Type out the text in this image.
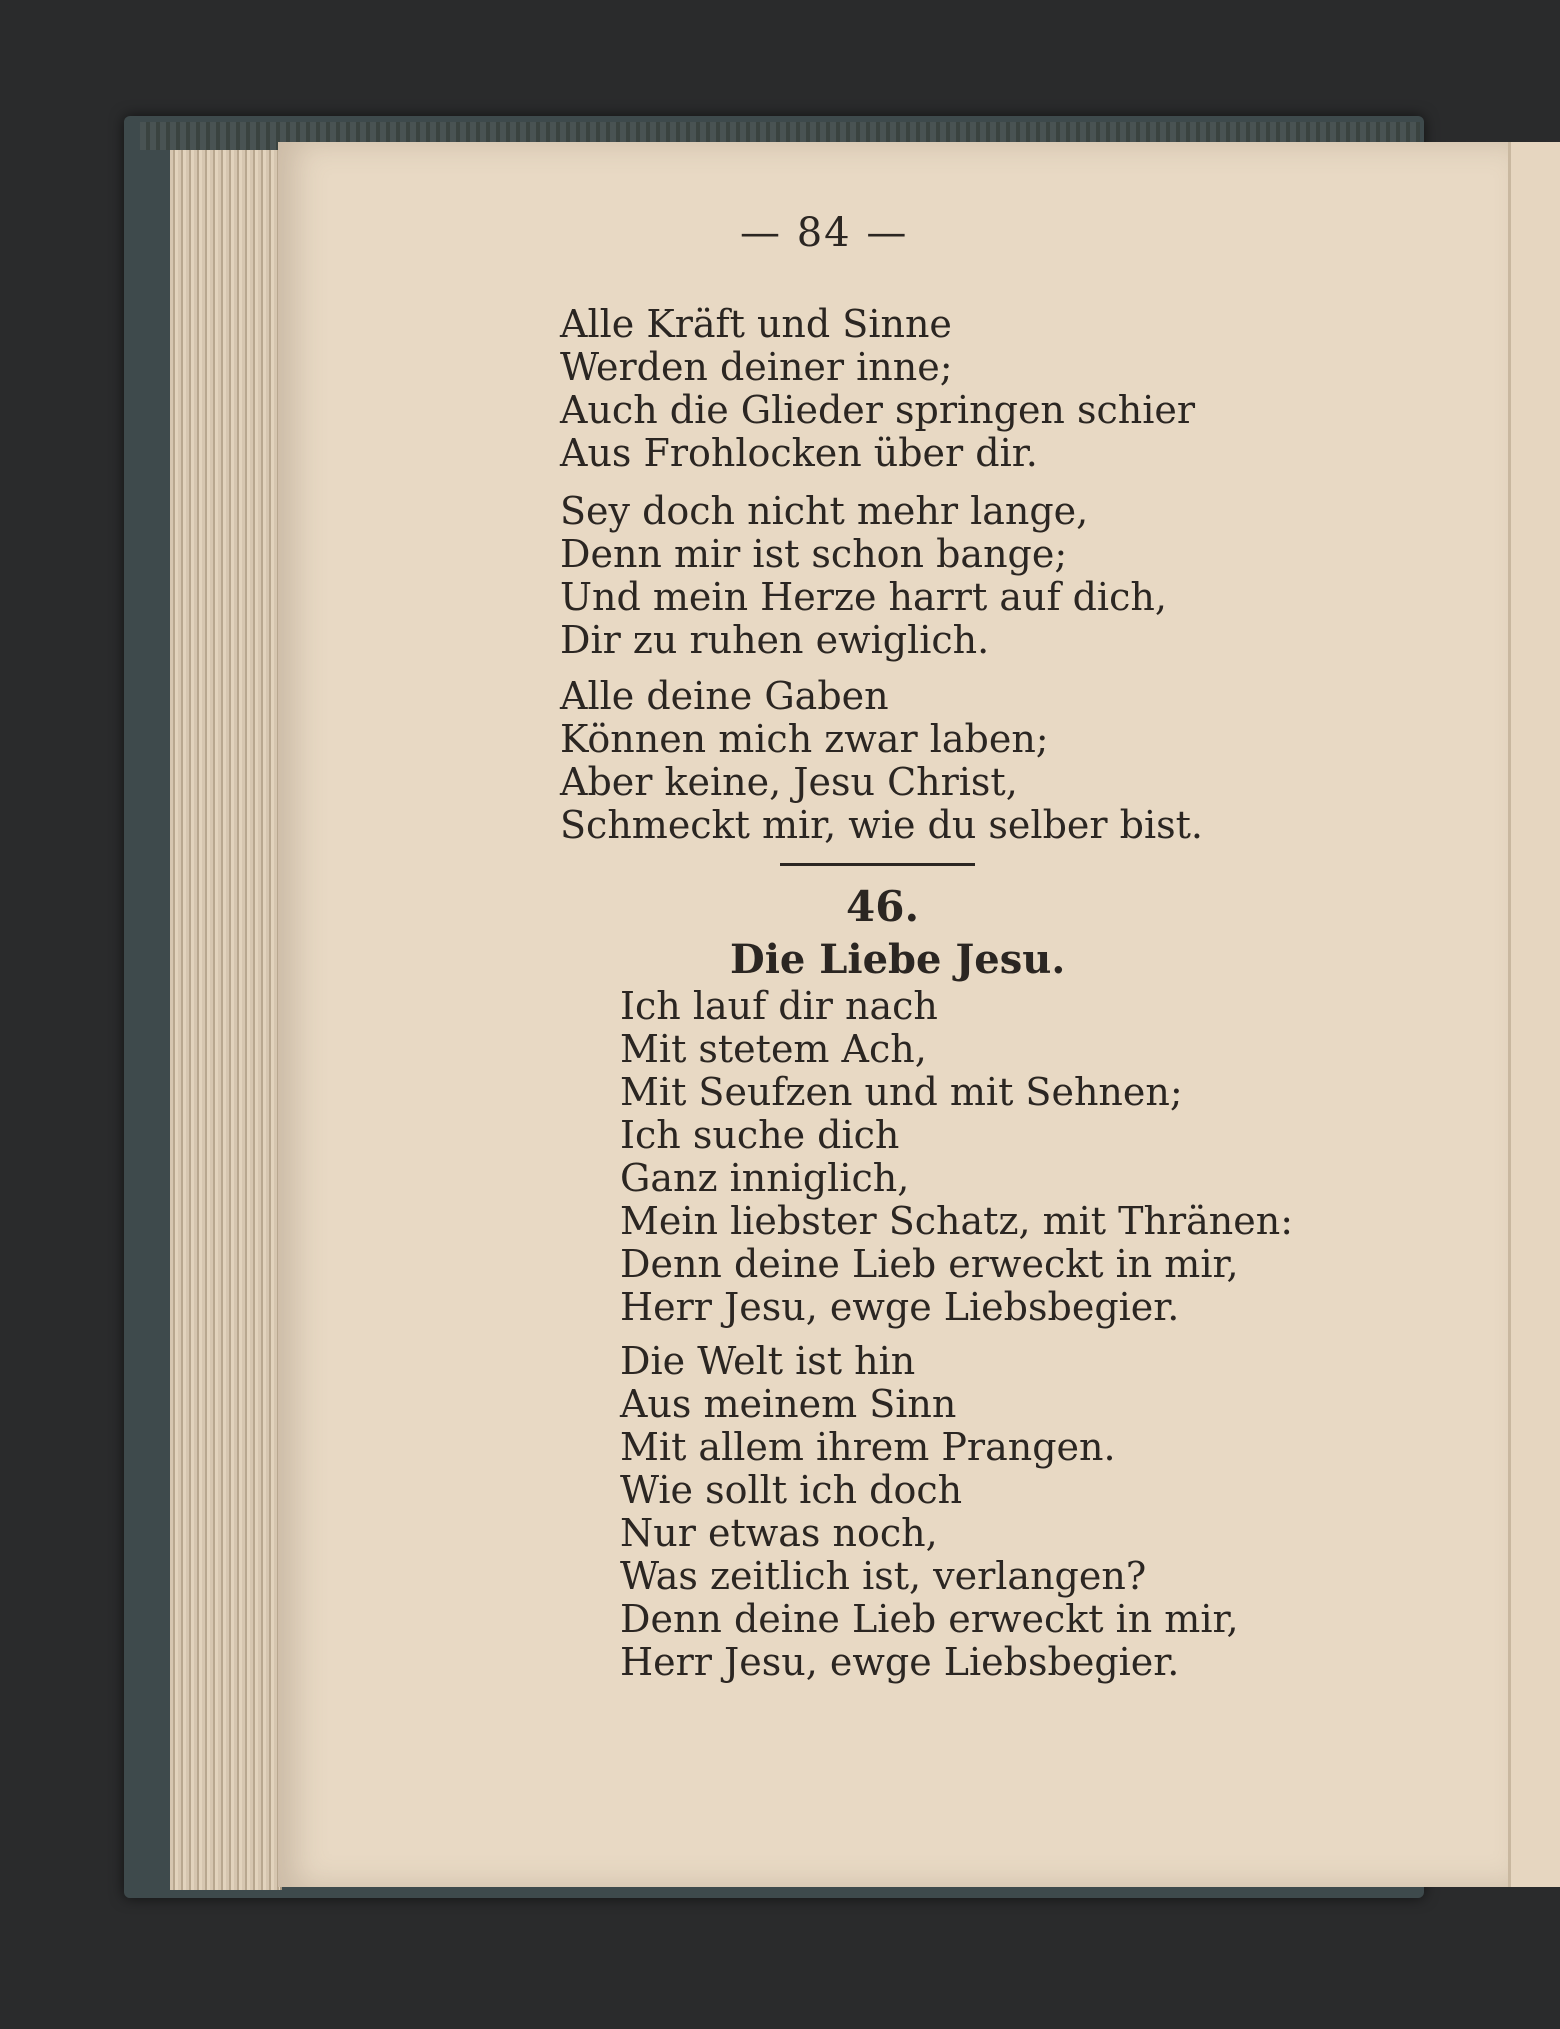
— 84 —
Alle Kräft und Sinne
Werden deiner inne;
Auch die Glieder springen schier
Aus Frohlocken über dir.
Sey doch nicht mehr lange,
Denn mir ist schon bange;
Und mein Herze harrt auf dich,
Dir zu ruhen ewiglich.
Alle deine Gaben
Können mich zwar laben;
Aber keine, Jesu Christ,
Schmeckt mir, wie du selber bist.
46.
Die Liebe Jesu.
Ich lauf dir nach
Mit stetem Ach,
Mit Seufzen und mit Sehnen;
Ich suche dich
Ganz inniglich,
Mein liebster Schatz, mit Thränen:
Denn deine Lieb erweckt in mir,
Herr Jesu, ewge Liebsbegier.
Die Welt ist hin
Aus meinem Sinn
Mit allem ihrem Prangen.
Wie sollt ich doch
Nur etwas noch,
Was zeitlich ist, verlangen?
Denn deine Lieb erweckt in mir,
Herr Jesu, ewge Liebsbegier.
